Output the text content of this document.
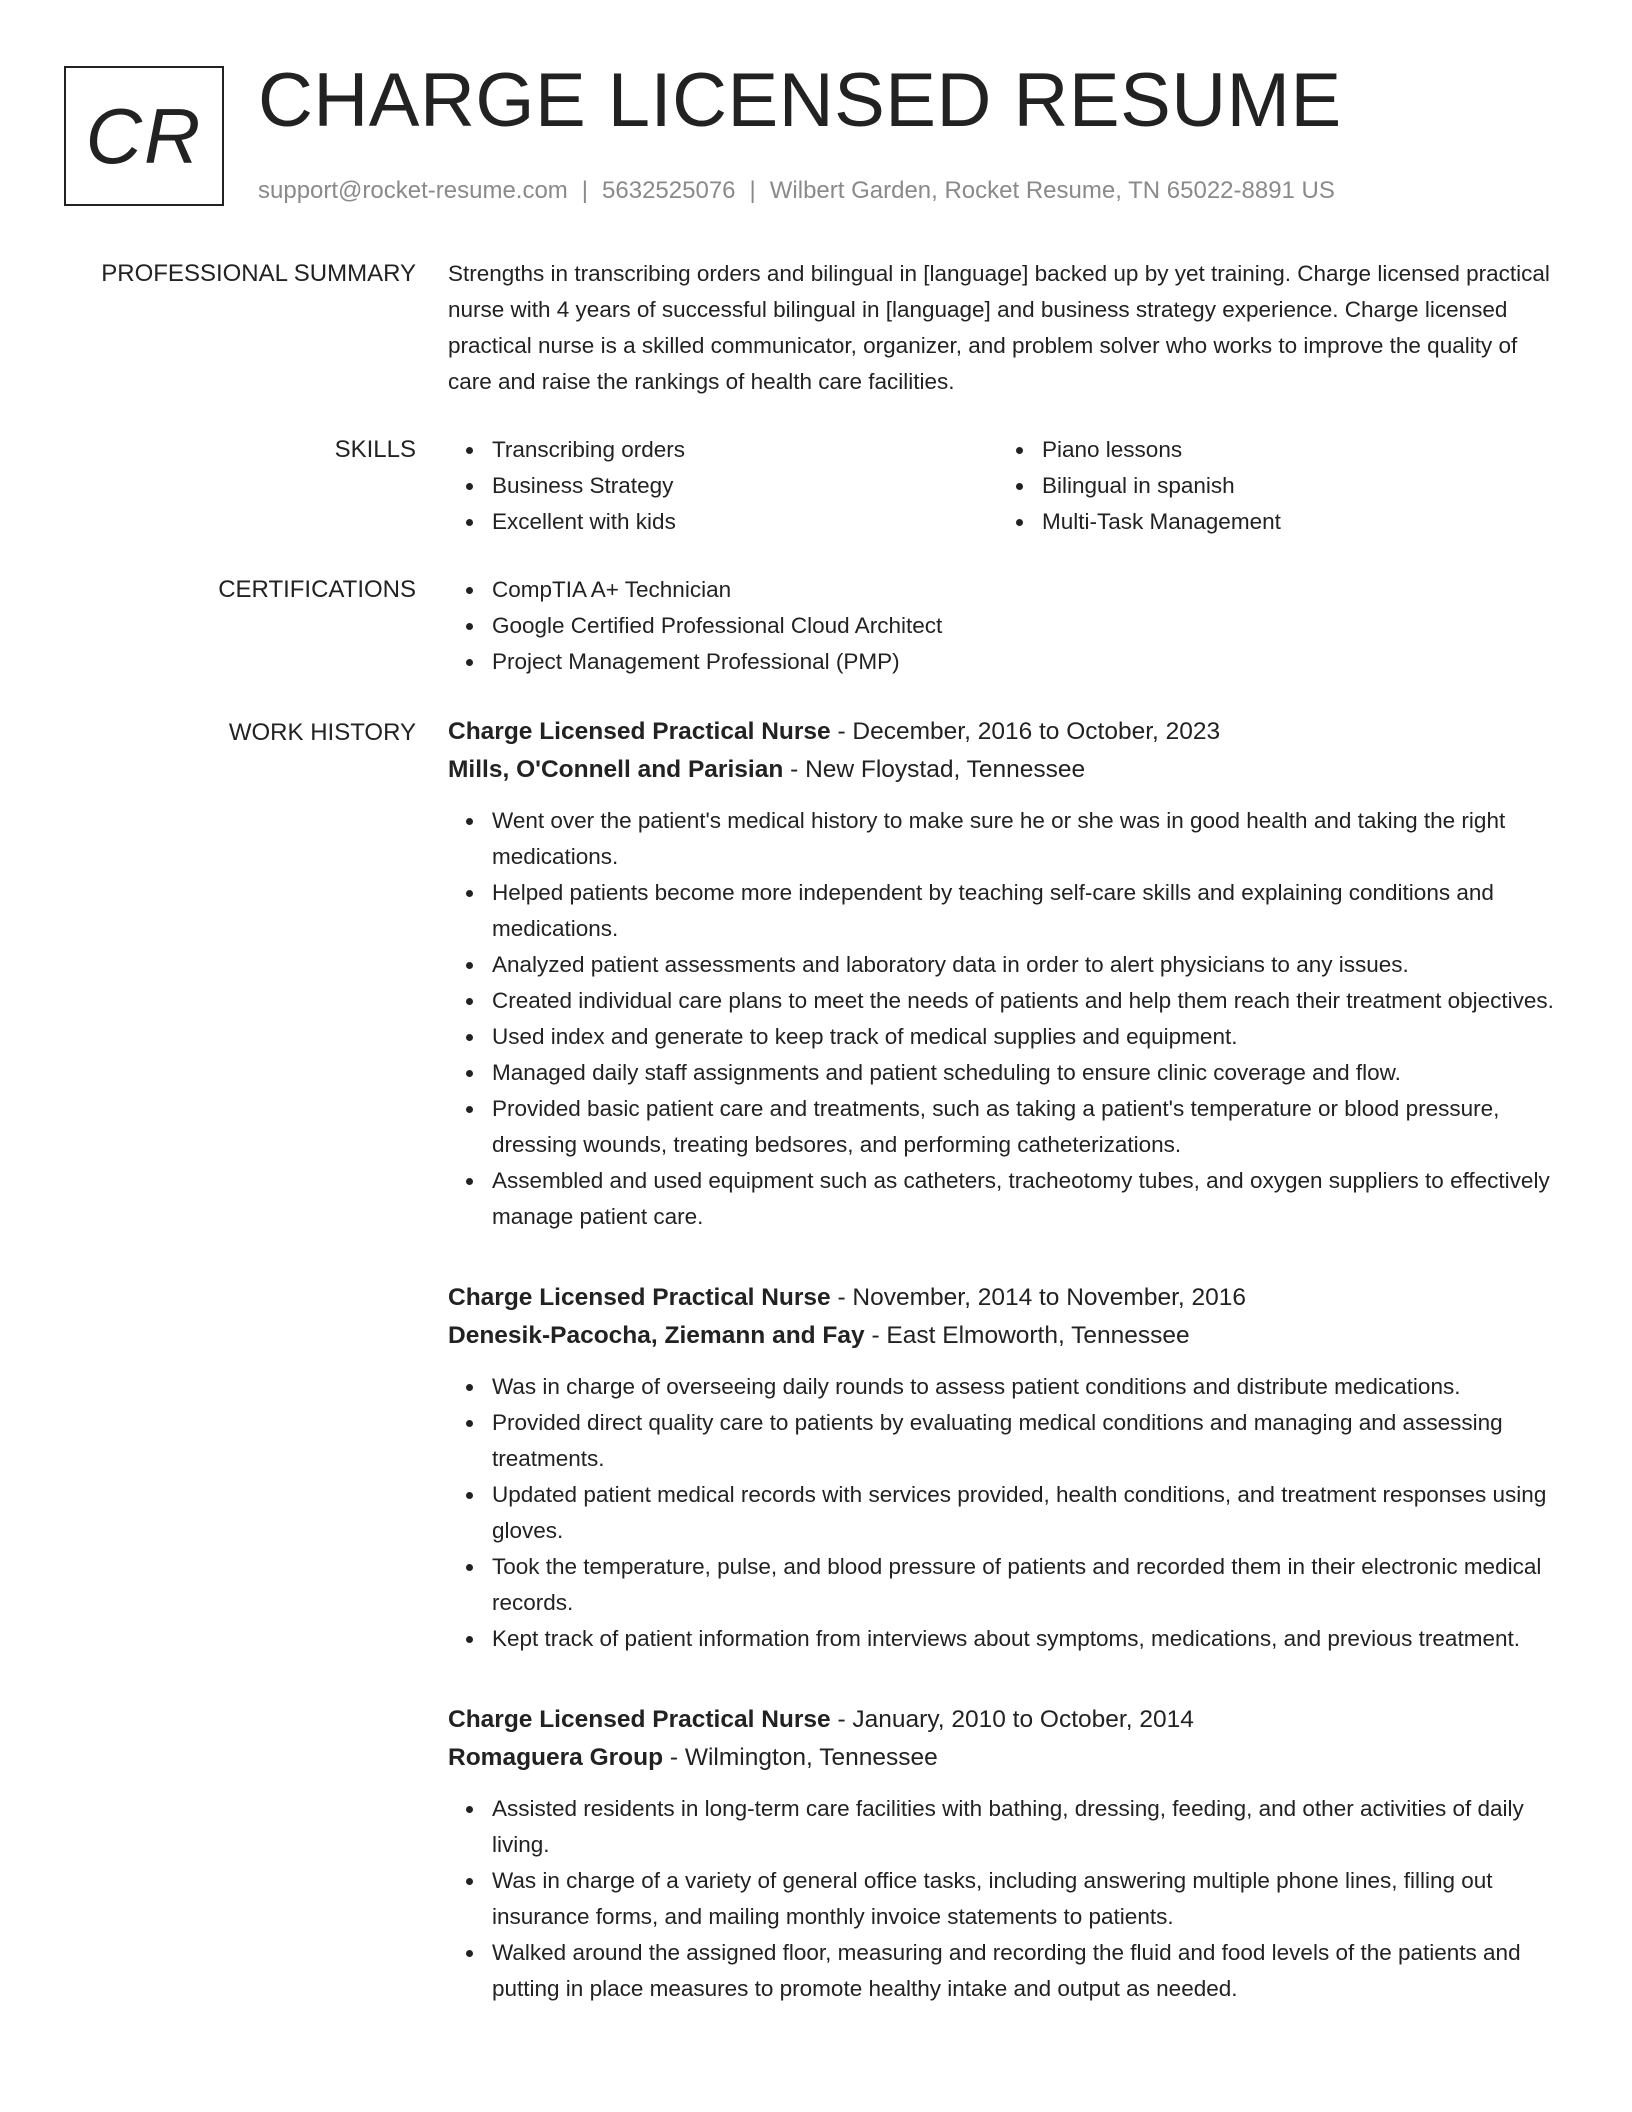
CR CHARGE LICENSED RESUME
support@rocket-resume.com | 5632525076 | Wilbert Garden, Rocket Resume, TN 65022-8891 US
PROFESSIONAL SUMMARY Strengths in transcribing orders and bilingual in [language] backed up by yet training. Charge licensed practical nurse with 4 years of successful bilingual in [language] and business strategy experience. Charge licensed practical nurse is a skilled communicator, organizer, and problem solver who works to improve the quality of care and raise the rankings of health care facilities.

SKILLS	Transcribing orders
Business Strategy
Excellent with kids
Piano lessons
Bilingual in spanish
Multi-Task Management
CERTIFICATIONS	CompTIA A+ Technician
Google Certified Professional Cloud Architect
Project Management Professional (PMP)
WORK HISTORY Charge Licensed Practical Nurse - December, 2016 to October, 2023
Mills, O'Connell and Parisian - New Floystad, Tennessee
Went over the patient's medical history to make sure he or she was in good health and taking the right medications.
Helped patients become more independent by teaching self-care skills and explaining conditions and medications.
Analyzed patient assessments and laboratory data in order to alert physicians to any issues.
Created individual care plans to meet the needs of patients and help them reach their treatment objectives.
Used index and generate to keep track of medical supplies and equipment.
Managed daily staff assignments and patient scheduling to ensure clinic coverage and flow.
Provided basic patient care and treatments, such as taking a patient's temperature or blood pressure, dressing wounds, treating bedsores, and performing catheterizations.
Assembled and used equipment such as catheters, tracheotomy tubes, and oxygen suppliers to effectively manage patient care.
Charge Licensed Practical Nurse - November, 2014 to November, 2016
Denesik-Pacocha, Ziemann and Fay - East Elmoworth, Tennessee
Was in charge of overseeing daily rounds to assess patient conditions and distribute medications.
Provided direct quality care to patients by evaluating medical conditions and managing and assessing treatments.
Updated patient medical records with services provided, health conditions, and treatment responses using gloves.
Took the temperature, pulse, and blood pressure of patients and recorded them in their electronic medical records.
Kept track of patient information from interviews about symptoms, medications, and previous treatment.
Charge Licensed Practical Nurse - January, 2010 to October, 2014
Romaguera Group - Wilmington, Tennessee
Assisted residents in long-term care facilities with bathing, dressing, feeding, and other activities of daily living.
Was in charge of a variety of general office tasks, including answering multiple phone lines, filling out insurance forms, and mailing monthly invoice statements to patients.
Walked around the assigned floor, measuring and recording the fluid and food levels of the patients and putting in place measures to promote healthy intake and output as needed.
